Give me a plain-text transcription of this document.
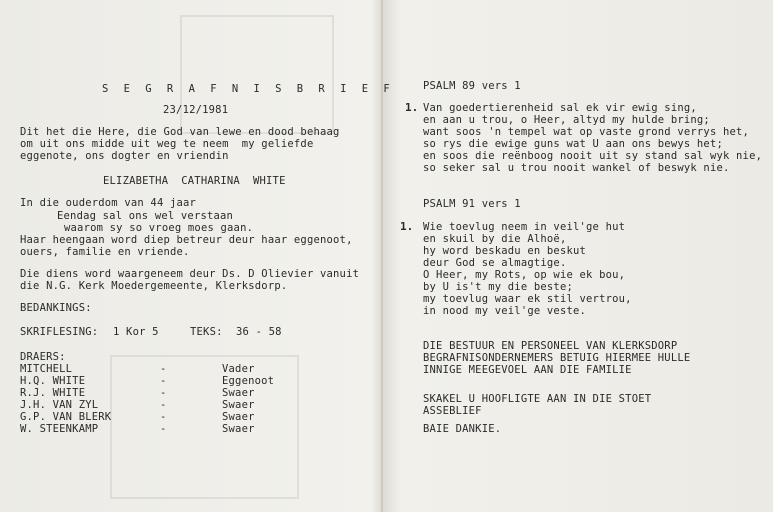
S E G R A F N I S B R I E F
23/12/1981
Dit het die Here, die God van lewe en dood behaag
om uit ons midde uit weg te neem  my geliefde
eggenote, ons dogter en vriendin
ELIZABETHA  CATHARINA  WHITE
In die ouderdom van 44 jaar
Eendag sal ons wel verstaan
waarom sy so vroeg moes gaan.
Haar heengaan word diep betreur deur haar eggenoot,
ouers, familie en vriende.
Die diens word waargeneem deur Ds. D Olievier vanuit
die N.G. Kerk Moedergemeente, Klerksdorp.
BEDANKINGS:
SKRIFLESING: 1 Kor 5	TEKS: 36 - 58
DRAERS:
MITCHELL	-	Vader
H.Q. WHITE	-	Eggenoot
R.J. WHITE	-	Swaer
J.H. VAN ZYL	-	Swaer
G.P. VAN BLERK	-	Swaer
W. STEENKAMP	-	Swaer
PSALM 89 vers 1
1. Van goedertierenheid sal ek vir ewig sing,
en aan u trou, o Heer, altyd my hulde bring;
want soos 'n tempel wat op vaste grond verrys het,
so rys die ewige guns wat U aan ons bewys het;
en soos die reënboog nooit uit sy stand sal wyk nie,
so seker sal u trou nooit wankel of beswyk nie.
PSALM 91 vers 1
1. Wie toevlug neem in veil'ge hut
en skuil by die Alhoë,
hy word beskadu en beskut
deur God se almagtige.
O Heer, my Rots, op wie ek bou,
by U is't my die beste;
my toevlug waar ek stil vertrou,
in nood my veil'ge veste.
DIE BESTUUR EN PERSONEEL VAN KLERKSDORP
BEGRAFNISONDERNEMERS BETUIG HIERMEE HULLE
INNIGE MEEGEVOEL AAN DIE FAMILIE
SKAKEL U HOOFLIGTE AAN IN DIE STOET
ASSEBLIEF
BAIE DANKIE.
